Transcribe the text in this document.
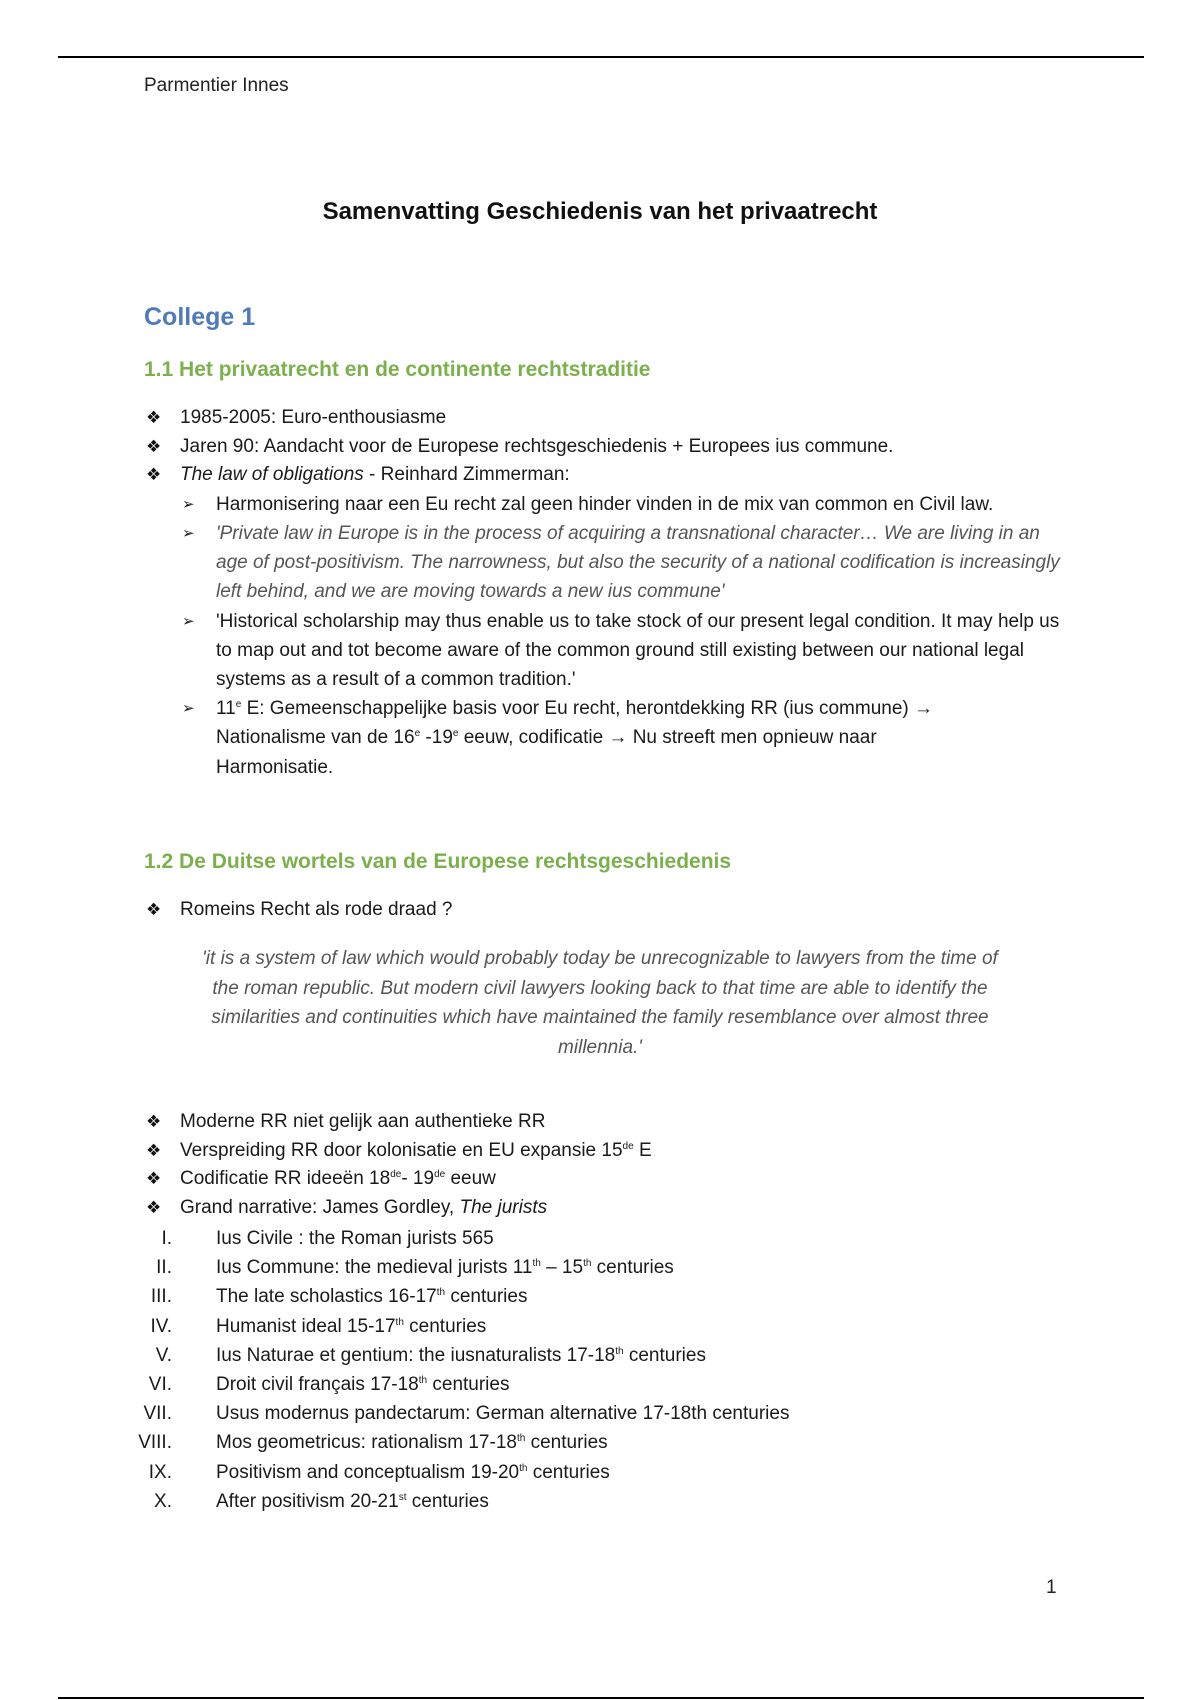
Parmentier Innes
Samenvatting Geschiedenis van het privaatrecht
College 1
1.1 Het privaatrecht en de continente rechtstraditie
❖ 1985-2005: Euro-enthousiasme
❖ Jaren 90: Aandacht voor de Europese rechtsgeschiedenis + Europees ius commune.
❖ The law of obligations - Reinhard Zimmerman:
➢ Harmonisering naar een Eu recht zal geen hinder vinden in de mix van common en Civil law.
➢ 'Private law in Europe is in the process of acquiring a transnational character… We are living in an age of post-positivism. The narrowness, but also the security of a national codification is increasingly left behind, and we are moving towards a new ius commune'
➢ 'Historical scholarship may thus enable us to take stock of our present legal condition. It may help us to map out and tot become aware of the common ground still existing between our national legal systems as a result of a common tradition.'
➢ 11e E: Gemeenschappelijke basis voor Eu recht, herontdekking RR (ius commune) → Nationalisme van de 16e -19e eeuw, codificatie → Nu streeft men opnieuw naar Harmonisatie.
1.2 De Duitse wortels van de Europese rechtsgeschiedenis
❖ Romeins Recht als rode draad ?
'it is a system of law which would probably today be unrecognizable to lawyers from the time of the roman republic. But modern civil lawyers looking back to that time are able to identify the similarities and continuities which have maintained the family resemblance over almost three millennia.'
❖ Moderne RR niet gelijk aan authentieke RR
❖ Verspreiding RR door kolonisatie en EU expansie 15de E
❖ Codificatie RR ideeën 18de- 19de eeuw
❖ Grand narrative: James Gordley, The jurists
I. Ius Civile : the Roman jurists 565
II. Ius Commune: the medieval jurists 11th – 15th centuries
III. The late scholastics 16-17th centuries
IV. Humanist ideal 15-17th centuries
V. Ius Naturae et gentium: the iusnaturalists 17-18th centuries
VI. Droit civil français 17-18th centuries
VII. Usus modernus pandectarum: German alternative 17-18th centuries
VIII. Mos geometricus: rationalism 17-18th centuries
IX. Positivism and conceptualism 19-20th centuries
X. After positivism 20-21st centuries
1
